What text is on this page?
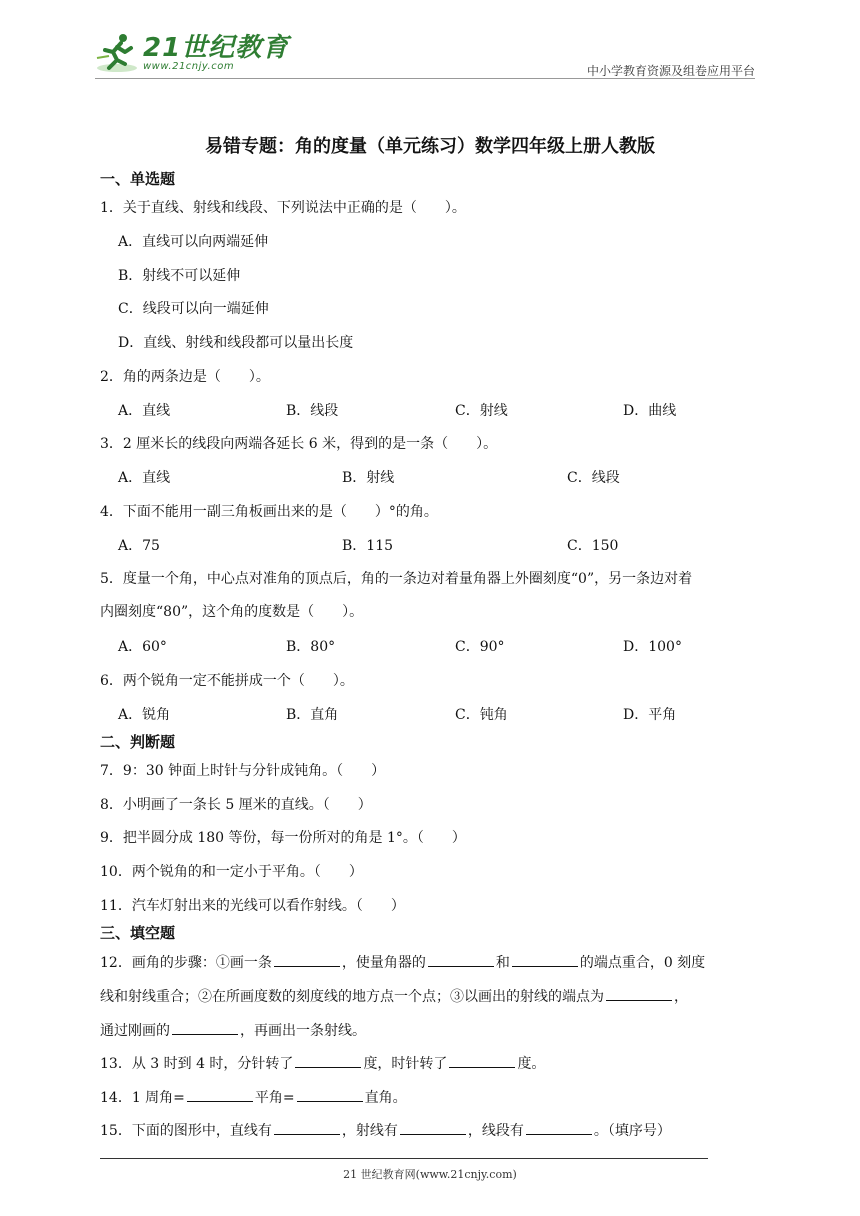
21世纪教育
www.21cnjy.com	中小学教育资源及组卷应用平台
易错专题：角的度量（单元练习）数学四年级上册人教版
一、单选题
1．关于直线、射线和线段、下列说法中正确的是（　　）。
A．直线可以向两端延伸
B．射线不可以延伸
C．线段可以向一端延伸
D．直线、射线和线段都可以量出长度
2．角的两条边是（　　）。
A．直线	B．线段	C．射线	D．曲线
3．2 厘米长的线段向两端各延长 6 米，得到的是一条（　　）。
A．直线	B．射线	C．线段
4．下面不能用一副三角板画出来的是（　　）°的角。
A．75	B．115	C．150
5．度量一个角，中心点对准角的顶点后，角的一条边对着量角器上外圈刻度“0”，另一条边对着
内圈刻度“80”，这个角的度数是（　　）。
A．60°	B．80°	C．90°	D．100°
6．两个锐角一定不能拼成一个（　　）。
A．锐角	B．直角	C．钝角	D．平角
二、判断题
7．9：30 钟面上时针与分针成钝角。（　　）
8．小明画了一条长 5 厘米的直线。（　　）
9．把半圆分成 180 等份，每一份所对的角是 1°。（　　）
10．两个锐角的和一定小于平角。（　　）
11．汽车灯射出来的光线可以看作射线。（　　）
三、填空题
12．画角的步骤：①画一条	，使量角器的	和	的端点重合，0 刻度
线和射线重合；②在所画度数的刻度线的地方点一个点；③以画出的射线的端点为	，
通过刚画的	，再画出一条射线。
13．从 3 时到 4 时，分针转了	度，时针转了	度。
14．1 周角=	平角=	直角。
15．下面的图形中，直线有	，射线有	，线段有	。（填序号）
21 世纪教育网(www.21cnjy.com)
